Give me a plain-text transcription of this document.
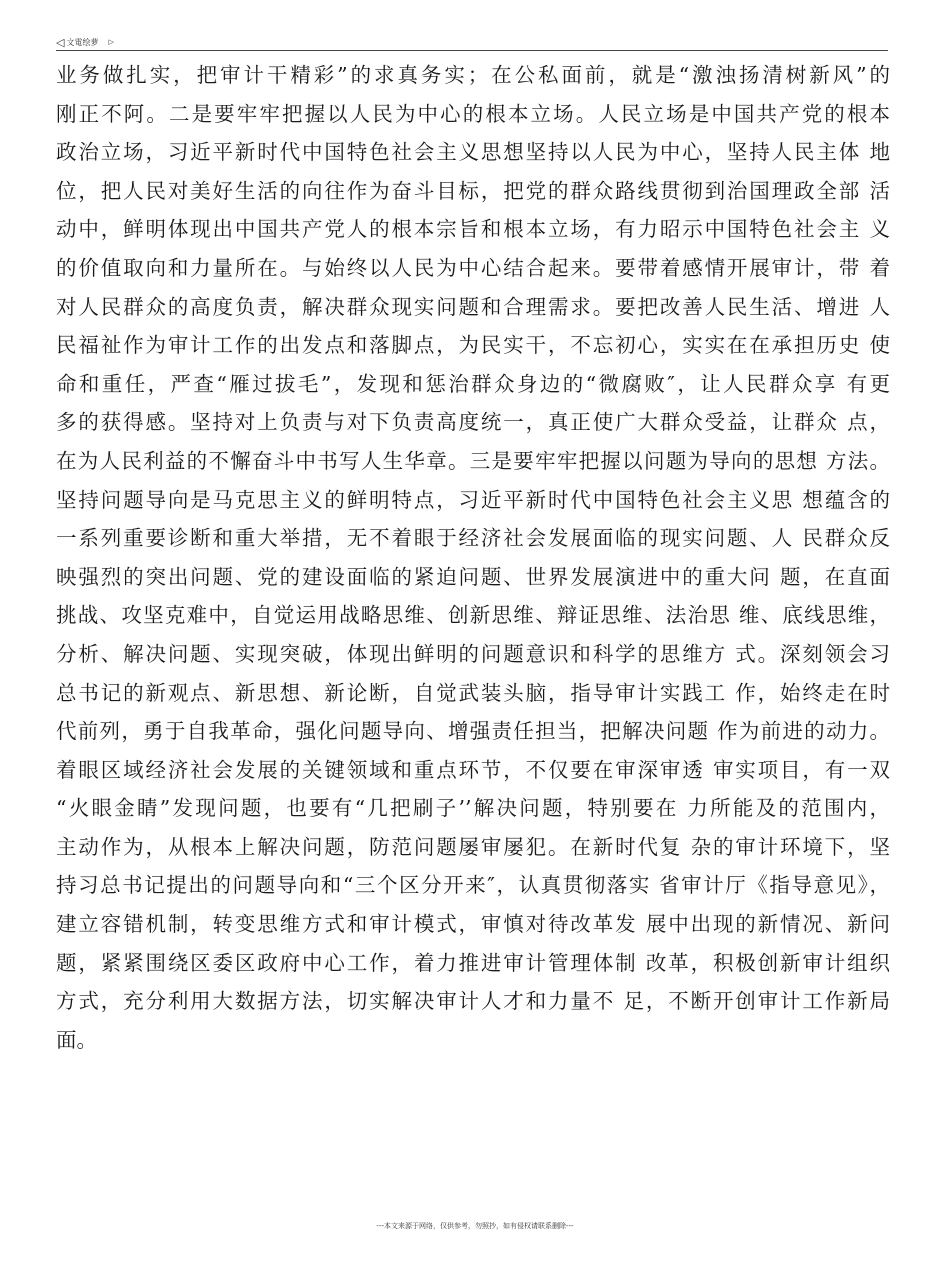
◁ 文電绘萝 ▷
业务做扎实，把审计干精彩”的求真务实；在公私面前，就是“激浊扬清树新风”的
刚正不阿。二是要牢牢把握以人民为中心的根本立场。人民立场是中国共产党的根本
政治立场，习近平新时代中国特色社会主义思想坚持以人民为中心，坚持人民主体 地
位，把人民对美好生活的向往作为奋斗目标，把党的群众路线贯彻到治国理政全部 活
动中，鲜明体现出中国共产党人的根本宗旨和根本立场，有力昭示中国特色社会主 义
的价值取向和力量所在。与始终以人民为中心结合起来。要带着感情开展审计，带 着
对人民群众的高度负责，解决群众现实问题和合理需求。要把改善人民生活、增进 人
民福祉作为审计工作的出发点和落脚点，为民实干，不忘初心，实实在在承担历史 使
命和重任，严查“雁过拔毛”，发现和惩治群众身边的“微腐败″，让人民群众享 有更
多的获得感。坚持对上负责与对下负责高度统一，真正使广大群众受益，让群众 点，
在为人民利益的不懈奋斗中书写人生华章。三是要牢牢把握以问题为导向的思想 方法。
坚持问题导向是马克思主义的鲜明特点，习近平新时代中国特色社会主义思 想蕴含的
一系列重要诊断和重大举措，无不着眼于经济社会发展面临的现实问题、人 民群众反
映强烈的突出问题、党的建设面临的紧迫问题、世界发展演进中的重大问 题，在直面
挑战、攻坚克难中，自觉运用战略思维、创新思维、辩证思维、法治思 维、底线思维，
分析、解决问题、实现突破，体现出鲜明的问题意识和科学的思维方 式。深刻领会习
总书记的新观点、新思想、新论断，自觉武装头脑，指导审计实践工 作，始终走在时
代前列，勇于自我革命，强化问题导向、增强责任担当，把解决问题 作为前进的动力。
着眼区域经济社会发展的关键领域和重点环节，不仅要在审深审透 审实项目，有一双
“火眼金睛”发现问题，也要有“几把刷子’’解决问题，特别要在 力所能及的范围内，
主动作为，从根本上解决问题，防范问题屡审屡犯。在新时代复 杂的审计环境下，坚
持习总书记提出的问题导向和“三个区分开来″，认真贯彻落实 省审计厅《指导意见》，
建立容错机制，转变思维方式和审计模式，审慎对待改革发 展中出现的新情况、新问
题，紧紧围绕区委区政府中心工作，着力推进审计管理体制 改革，积极创新审计组织
方式，充分利用大数据方法，切实解决审计人才和力量不 足，不断开创审计工作新局
面。
---本文来源于网络，仅供参考，勿照抄，如有侵权请联系删除---
